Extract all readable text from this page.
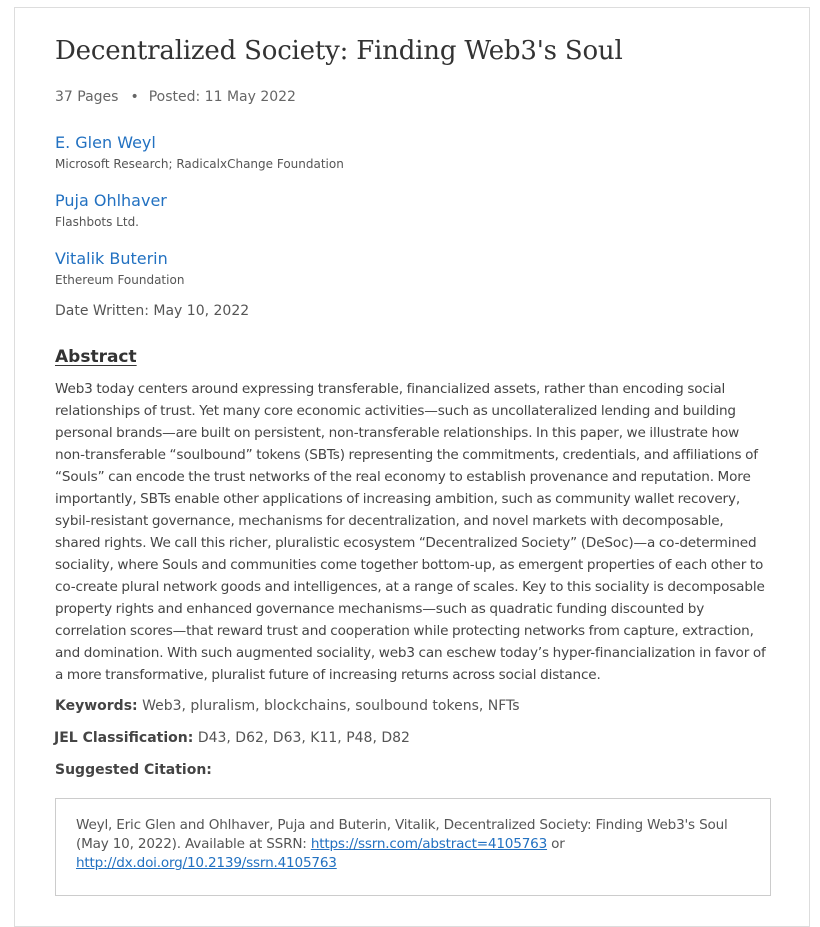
Decentralized Society: Finding Web3's Soul
37 Pages • Posted: 11 May 2022
E. Glen Weyl
Microsoft Research; RadicalxChange Foundation
Puja Ohlhaver
Flashbots Ltd.
Vitalik Buterin
Ethereum Foundation
Date Written: May 10, 2022
Abstract

Web3 today centers around expressing transferable, financialized assets, rather than encoding social relationships of trust. Yet many core economic activities—such as uncollateralized lending and building personal brands—are built on persistent, non-transferable relationships. In this paper, we illustrate how non-transferable “soulbound” tokens (SBTs) representing the commitments, credentials, and affiliations of “Souls” can encode the trust networks of the real economy to establish provenance and reputation. More importantly, SBTs enable other applications of increasing ambition, such as community wallet recovery, sybil-resistant governance, mechanisms for decentralization, and novel markets with decomposable, shared rights. We call this richer, pluralistic ecosystem “Decentralized Society” (DeSoc)—a co-determined sociality, where Souls and communities come together bottom-up, as emergent properties of each other to co-create plural network goods and intelligences, at a range of scales. Key to this sociality is decomposable property rights and enhanced governance mechanisms—such as quadratic funding discounted by correlation scores—that reward trust and cooperation while protecting networks from capture, extraction, and domination. With such augmented sociality, web3 can eschew today’s hyper-financialization in favor of a more transformative, pluralist future of increasing returns across social distance.

Keywords: Web3, pluralism, blockchains, soulbound tokens, NFTs
JEL Classification: D43, D62, D63, K11, P48, D82
Suggested Citation:
Weyl, Eric Glen and Ohlhaver, Puja and Buterin, Vitalik, Decentralized Society: Finding Web3's Soul (May 10, 2022). Available at SSRN: https://ssrn.com/abstract=4105763 or
http://dx.doi.org/10.2139/ssrn.4105763
